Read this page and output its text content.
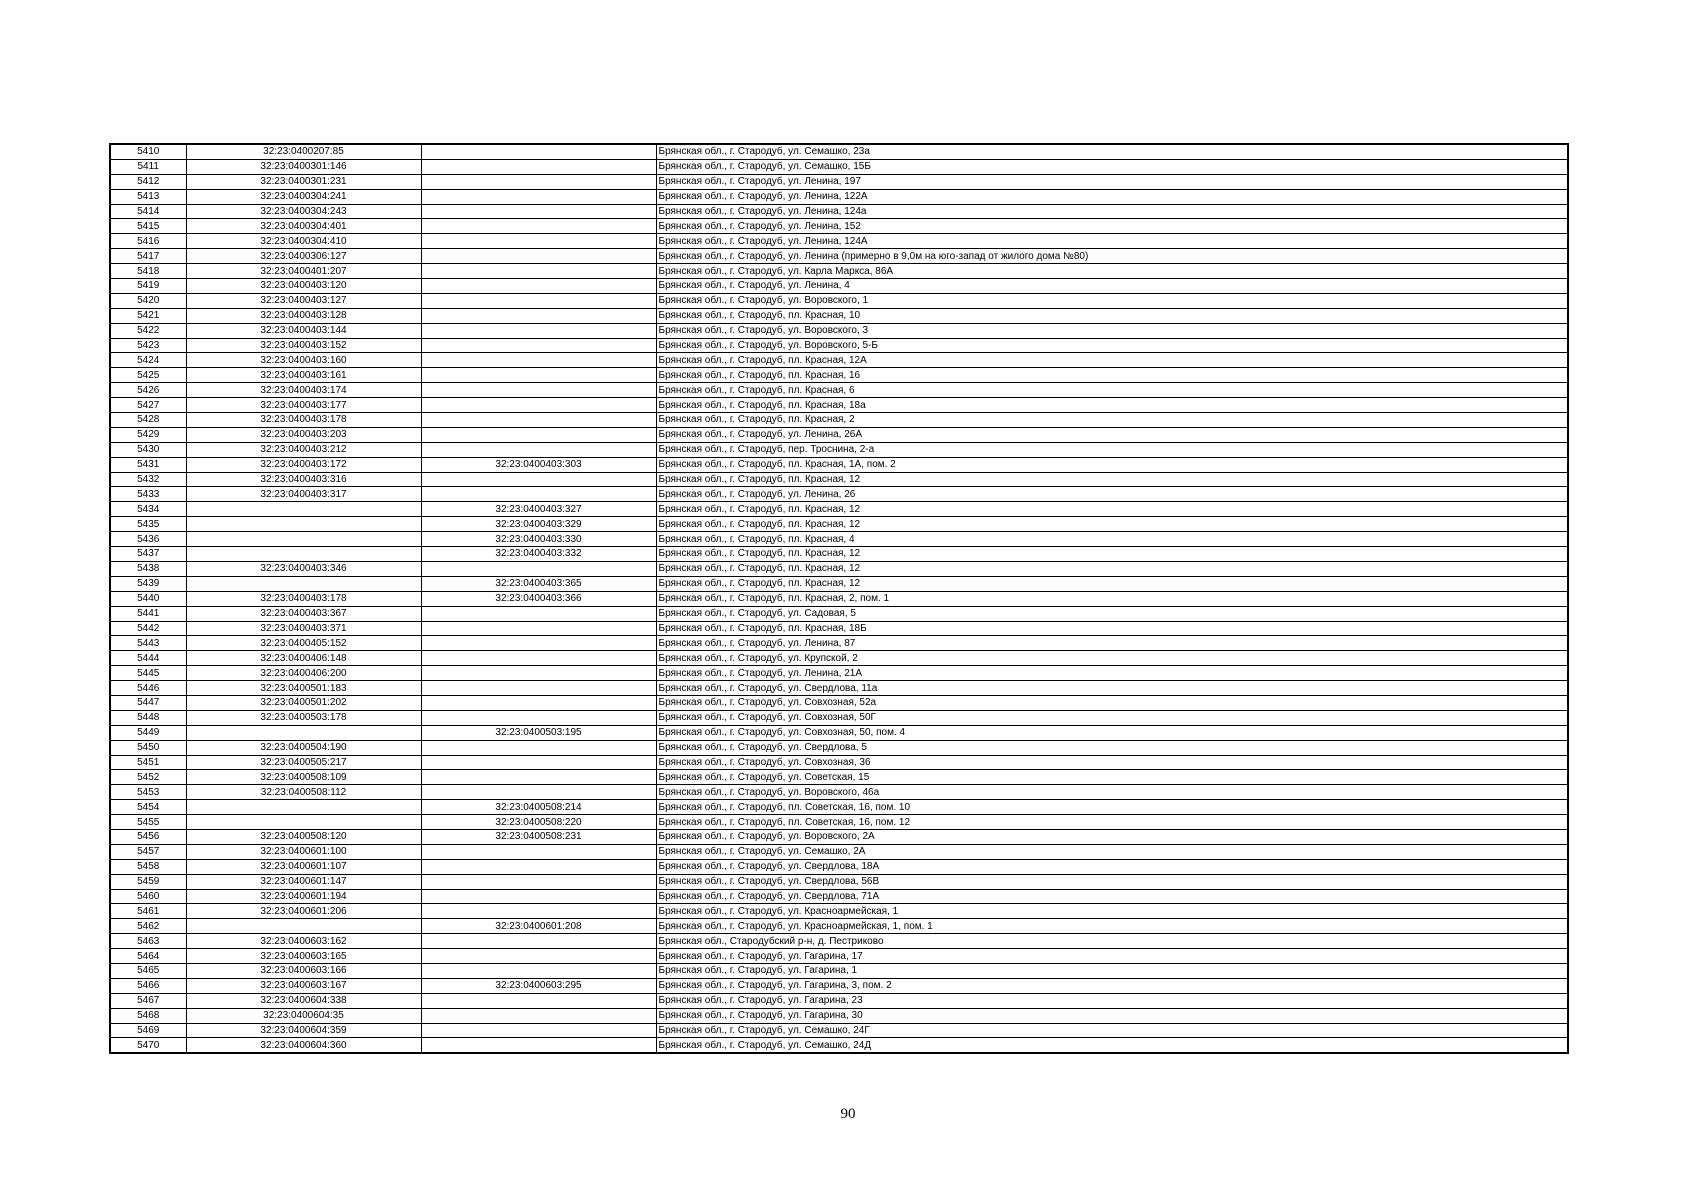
5410	32:23:0400207:85		Брянская обл., г. Стародуб, ул. Семашко, 23а
5411	32:23:0400301:146		Брянская обл., г. Стародуб, ул. Семашко, 15Б
5412	32:23:0400301:231		Брянская обл., г. Стародуб, ул. Ленина, 197
5413	32:23:0400304:241		Брянская обл., г. Стародуб, ул. Ленина, 122А
5414	32:23:0400304:243		Брянская обл., г. Стародуб, ул. Ленина, 124а
5415	32:23:0400304:401		Брянская обл., г. Стародуб, ул. Ленина, 152
5416	32:23:0400304:410		Брянская обл., г. Стародуб, ул. Ленина, 124А
5417	32:23:0400306:127		Брянская обл., г. Стародуб, ул. Ленина (примерно в 9,0м на юго-запад от жилого дома №80)
5418	32:23:0400401:207		Брянская обл., г. Стародуб, ул. Карла Маркса, 86А
5419	32:23:0400403:120		Брянская обл., г. Стародуб, ул. Ленина, 4
5420	32:23:0400403:127		Брянская обл., г. Стародуб, ул. Воровского, 1
5421	32:23:0400403:128		Брянская обл., г. Стародуб, пл. Красная, 10
5422	32:23:0400403:144		Брянская обл., г. Стародуб, ул. Воровского, 3
5423	32:23:0400403:152		Брянская обл., г. Стародуб, ул. Воровского, 5-Б
5424	32:23:0400403:160		Брянская обл., г. Стародуб, пл. Красная, 12А
5425	32:23:0400403:161		Брянская обл., г. Стародуб, пл. Красная, 16
5426	32:23:0400403:174		Брянская обл., г. Стародуб, пл. Красная, 6
5427	32:23:0400403:177		Брянская обл., г. Стародуб, пл. Красная, 18а
5428	32:23:0400403:178		Брянская обл., г. Стародуб, пл. Красная, 2
5429	32:23:0400403:203		Брянская обл., г. Стародуб, ул. Ленина, 26А
5430	32:23:0400403:212		Брянская обл., г. Стародуб, пер. Троснина, 2-а
5431	32:23:0400403:172	32:23:0400403:303	Брянская обл., г. Стародуб, пл. Красная, 1А, пом. 2
5432	32:23:0400403:316		Брянская обл., г. Стародуб, пл. Красная, 12
5433	32:23:0400403:317		Брянская обл., г. Стародуб, ул. Ленина, 26
5434		32:23:0400403:327	Брянская обл., г. Стародуб, пл. Красная, 12
5435		32:23:0400403:329	Брянская обл., г. Стародуб, пл. Красная, 12
5436		32:23:0400403:330	Брянская обл., г. Стародуб, пл. Красная, 4
5437		32:23:0400403:332	Брянская обл., г. Стародуб, пл. Красная, 12
5438	32:23:0400403:346		Брянская обл., г. Стародуб, пл. Красная, 12
5439		32:23:0400403:365	Брянская обл., г. Стародуб, пл. Красная, 12
5440	32:23:0400403:178	32:23:0400403:366	Брянская обл., г. Стародуб, пл. Красная, 2, пом. 1
5441	32:23:0400403:367		Брянская обл., г. Стародуб, ул. Садовая, 5
5442	32:23:0400403:371		Брянская обл., г. Стародуб, пл. Красная, 18Б
5443	32:23:0400405:152		Брянская обл., г. Стародуб, ул. Ленина, 87
5444	32:23:0400406:148		Брянская обл., г. Стародуб, ул. Крупской, 2
5445	32:23:0400406:200		Брянская обл., г. Стародуб, ул. Ленина, 21А
5446	32:23:0400501:183		Брянская обл., г. Стародуб, ул. Свердлова, 11а
5447	32:23:0400501:202		Брянская обл., г. Стародуб, ул. Совхозная, 52а
5448	32:23:0400503:178		Брянская обл., г. Стародуб, ул. Совхозная, 50Г
5449		32:23:0400503:195	Брянская обл., г. Стародуб, ул. Совхозная, 50, пом. 4
5450	32:23:0400504:190		Брянская обл., г. Стародуб, ул. Свердлова, 5
5451	32:23:0400505:217		Брянская обл., г. Стародуб, ул. Совхозная, 36
5452	32:23:0400508:109		Брянская обл., г. Стародуб, ул. Советская, 15
5453	32:23:0400508:112		Брянская обл., г. Стародуб, ул. Воровского, 46а
5454		32:23:0400508:214	Брянская обл., г. Стародуб, пл. Советская, 16, пом. 10
5455		32:23:0400508:220	Брянская обл., г. Стародуб, пл. Советская, 16, пом. 12
5456	32:23:0400508:120	32:23:0400508:231	Брянская обл., г. Стародуб, ул. Воровского, 2А
5457	32:23:0400601:100		Брянская обл., г. Стародуб, ул. Семашко, 2А
5458	32:23:0400601:107		Брянская обл., г. Стародуб, ул. Свердлова, 18А
5459	32:23:0400601:147		Брянская обл., г. Стародуб, ул. Свердлова, 56В
5460	32:23:0400601:194		Брянская обл., г. Стародуб, ул. Свердлова, 71А
5461	32:23:0400601:206		Брянская обл., г. Стародуб, ул. Красноармейская, 1
5462		32:23:0400601:208	Брянская обл., г. Стародуб, ул. Красноармейская, 1, пом. 1
5463	32:23:0400603:162		Брянская обл., Стародубский р-н, д. Пестриково
5464	32:23:0400603:165		Брянская обл., г. Стародуб, ул. Гагарина, 17
5465	32:23:0400603:166		Брянская обл., г. Стародуб, ул. Гагарина, 1
5466	32:23:0400603:167	32:23:0400603:295	Брянская обл., г. Стародуб, ул. Гагарина, 3, пом. 2
5467	32:23:0400604:338		Брянская обл., г. Стародуб, ул. Гагарина, 23
5468	32:23:0400604:35		Брянская обл., г. Стародуб, ул. Гагарина, 30
5469	32:23:0400604:359		Брянская обл., г. Стародуб, ул. Семашко, 24Г
5470	32:23:0400604:360		Брянская обл., г. Стародуб, ул. Семашко, 24Д
90
